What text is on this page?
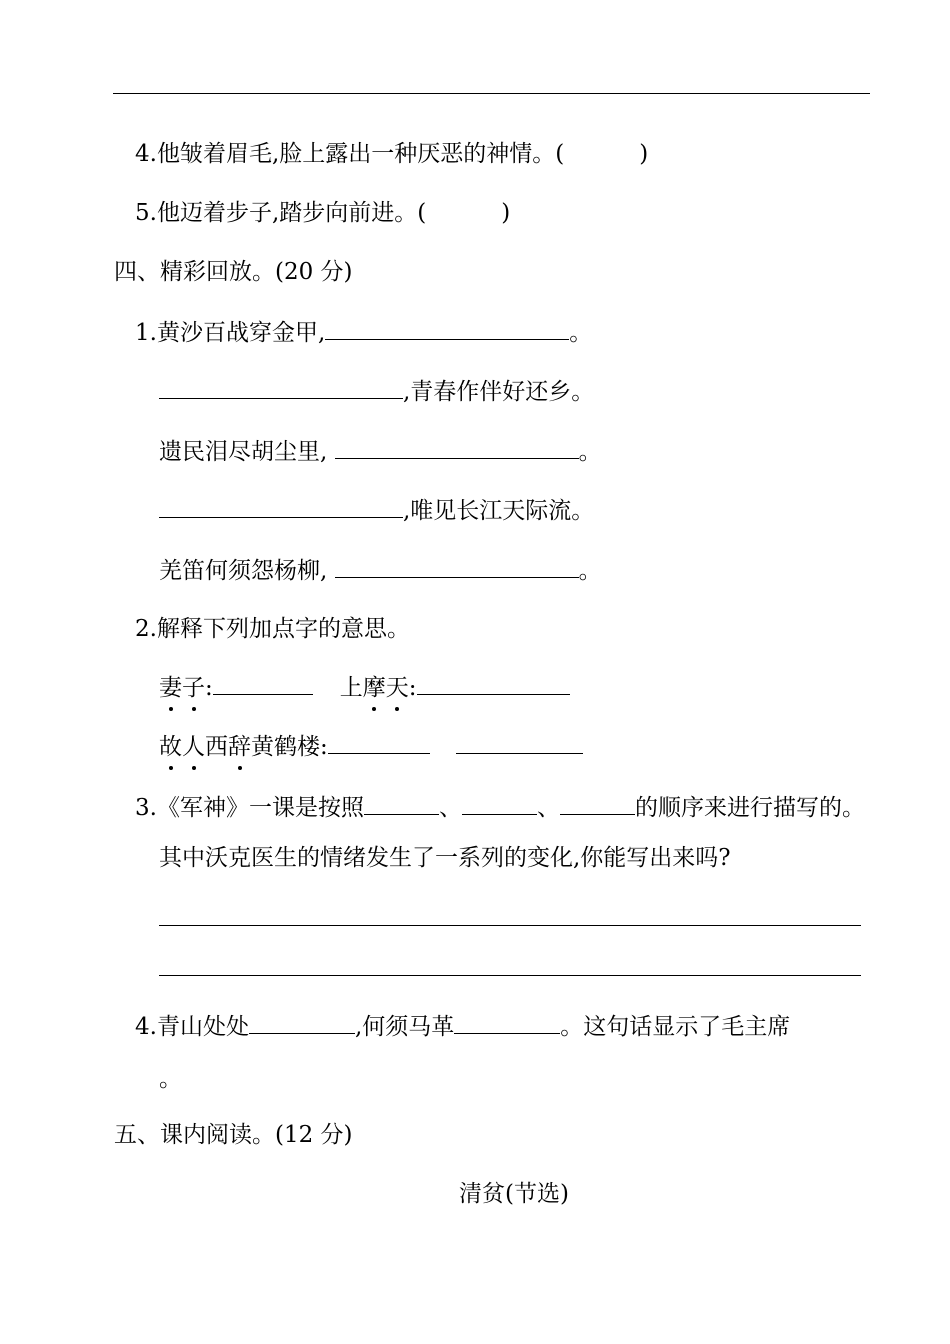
4.他皱着眉毛,脸上露出一种厌恶的神情。(	)
5.他迈着步子,踏步向前进。(	)
四、精彩回放。(20 分)
1.黄沙百战穿金甲,	。
,青春作伴好还乡。
遗民泪尽胡尘里,	。
,唯见长江天际流。
羌笛何须怨杨柳,	。
2.解释下列加点字的意思。
妻子:	上摩天:
故人西辞黄鹤楼:
3.《军神》一课是按照	、	、	的顺序来进行描写的。
其中沃克医生的情绪发生了一系列的变化,你能写出来吗?
4.青山处处	,何须马革	。这句话显示了毛主席
。
五、课内阅读。(12 分)
清贫(节选)
